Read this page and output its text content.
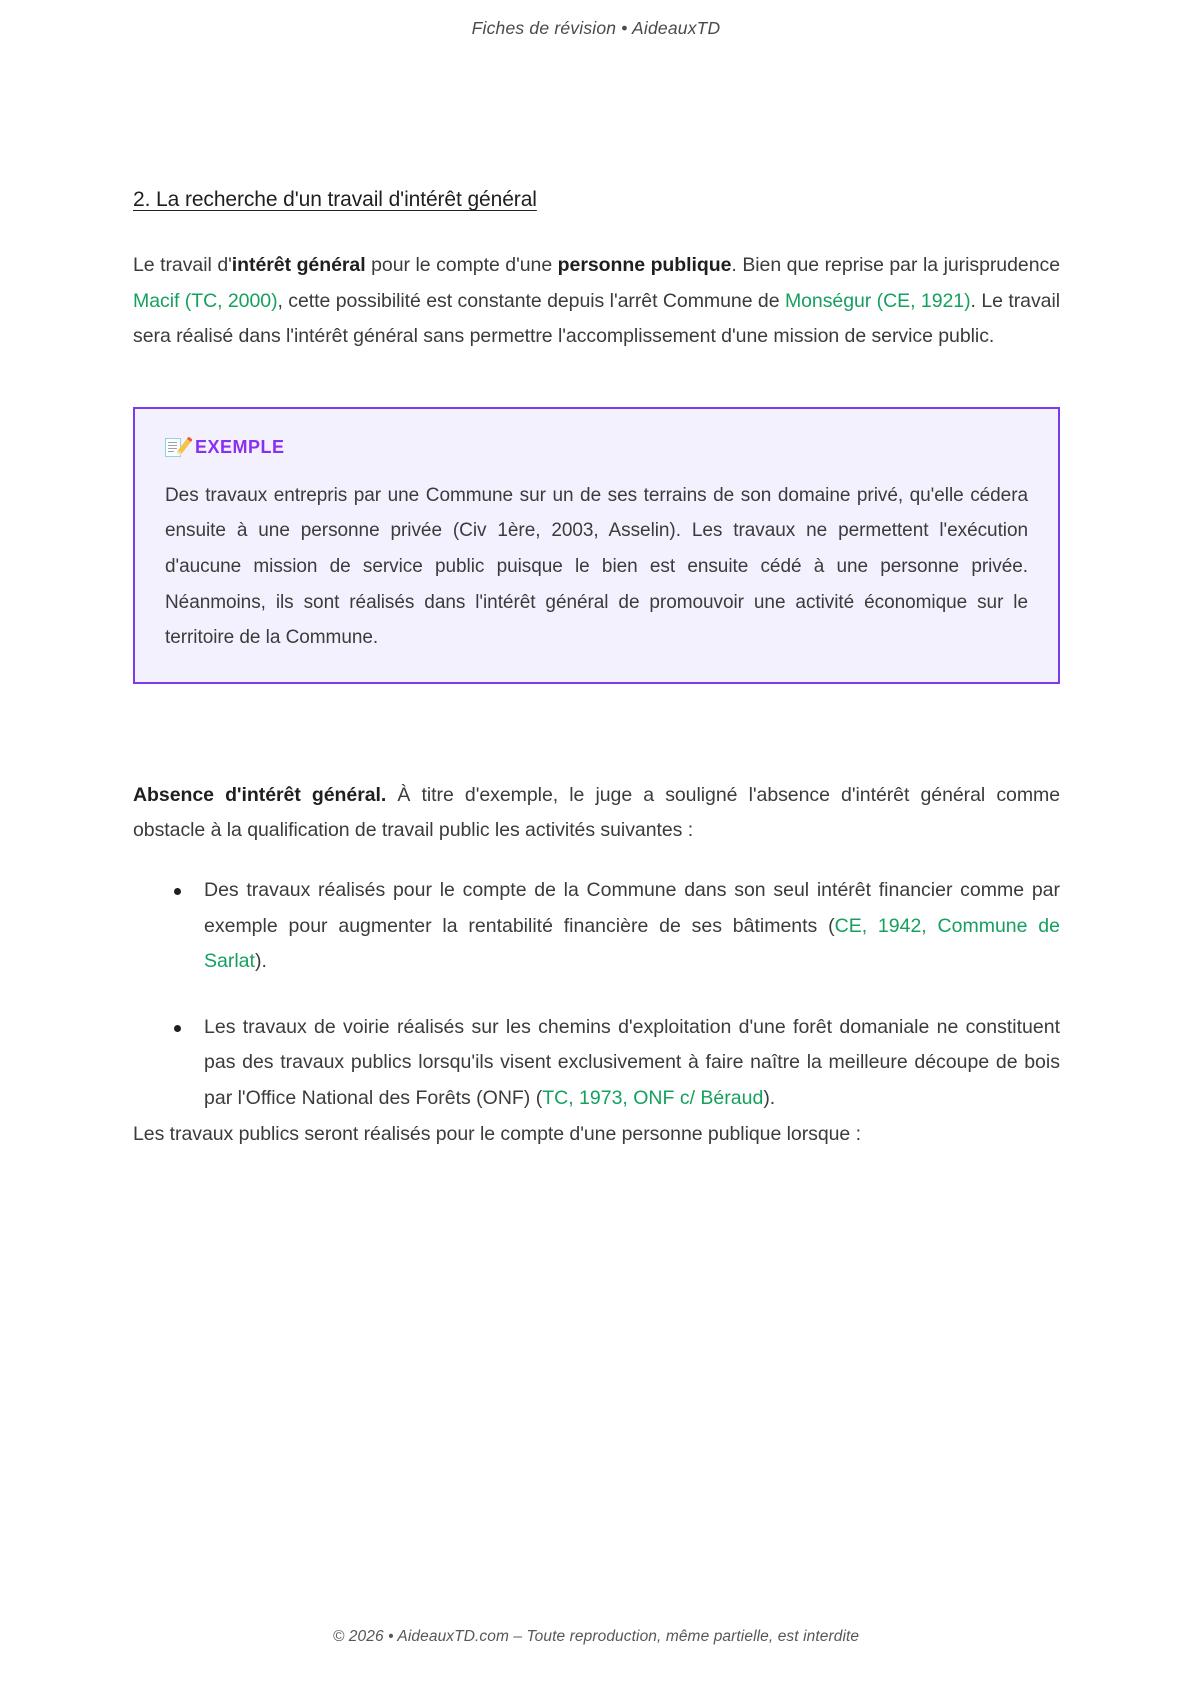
Fiches de révision • AideauxTD
2. La recherche d'un travail d'intérêt général

Le travail d'intérêt général pour le compte d'une personne publique. Bien que reprise par la jurisprudence Macif (TC, 2000), cette possibilité est constante depuis l'arrêt Commune de Monségur (CE, 1921). Le travail sera réalisé dans l'intérêt général sans permettre l'accomplissement d'une mission de service public.

EXEMPLE

Des travaux entrepris par une Commune sur un de ses terrains de son domaine privé, qu'elle cédera ensuite à une personne privée (Civ 1ère, 2003, Asselin). Les travaux ne permettent l'exécution d'aucune mission de service public puisque le bien est ensuite cédé à une personne privée. Néanmoins, ils sont réalisés dans l'intérêt général de promouvoir une activité économique sur le territoire de la Commune.

Absence d'intérêt général. À titre d'exemple, le juge a souligné l'absence d'intérêt général comme obstacle à la qualification de travail public les activités suivantes :

Des travaux réalisés pour le compte de la Commune dans son seul intérêt financier comme par exemple pour augmenter la rentabilité financière de ses bâtiments (CE, 1942, Commune de Sarlat).
Les travaux de voirie réalisés sur les chemins d'exploitation d'une forêt domaniale ne constituent pas des travaux publics lorsqu'ils visent exclusivement à faire naître la meilleure découpe de bois par l'Office National des Forêts (ONF) (TC, 1973, ONF c/ Béraud).

Les travaux publics seront réalisés pour le compte d'une personne publique lorsque :

© 2026 • AideauxTD.com – Toute reproduction, même partielle, est interdite
